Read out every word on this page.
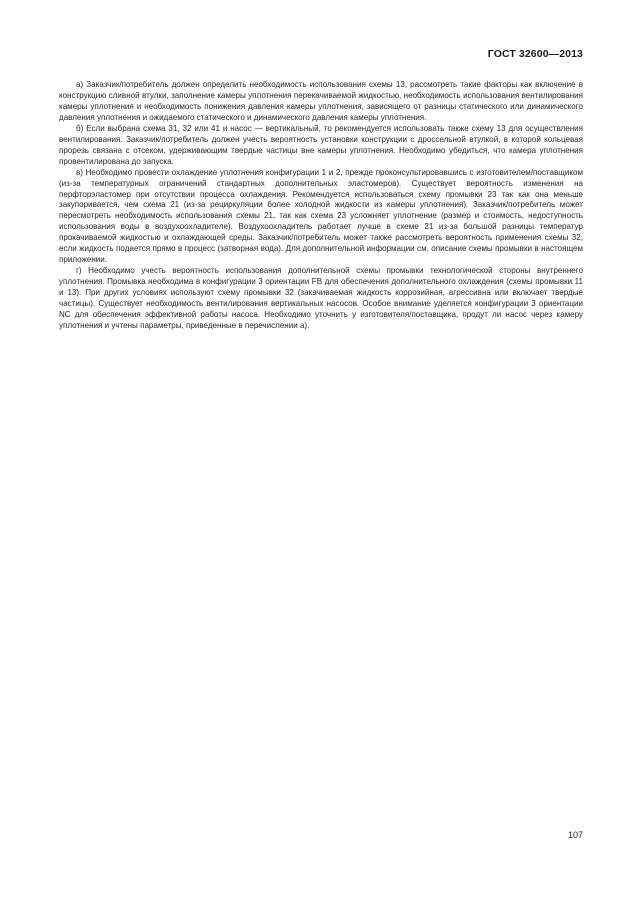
ГОСТ 32600—2013

а) Заказчик/потребитель должен определить необходимость использования схемы 13, рассмотреть такие факторы как включение в конструкцию сливной втулки, заполнение камеры уплотнения перекачиваемой жидкостью, необходимость использования вентилирования камеры уплотнения и необходимость понижения давления камеры уплотнения, зависящего от разницы статического или динамического давления уплотнения и ожидаемого статического и динамического давления камеры уплотнения.

б) Если выбрана схема 31, 32 или 41 и насос — вертикальный, то рекомендуется использовать также схему 13 для осуществления вентилирования. Заказчик/потребитель должен учесть вероятность установки конструкции с дроссельной втулкой, в которой кольцевая прорезь связана с отсеком, удерживающим твердые частицы вне камеры уплотнения. Необходимо убедиться, что камера уплотнения провентилирована до запуска.

в) Необходимо провести охлаждение уплотнения конфигурации 1 и 2, прежде проконсультировавшись с изготовителем/поставщиком (из-за температурных ограничений стандартных дополнительных эластомеров). Существует вероятность изменения на перфторэластомер при отсутствии процесса охлаждения. Рекомендуется использоваться схему промывки 23 так как она меньше закупоривается, чем схема 21 (из-за рециркуляции более холодной жидкости из камеры уплотнения). Заказчик/потребитель может пересмотреть необходимость использования схемы 21, так как схема 23 усложняет уплотнение (размер и стоимость, недоступность использования воды в воздухоохладителе). Воздухоохладитель работает лучше в схеме 21 из-за большой разницы температур прокачиваемой жидкостью и охлаждающей среды. Заказчик/потребитель может также рассмотреть вероятность применения схемы 32, если жидкость подается прямо в процесс (затворная вода). Для дополнительной информации см. описание схемы промывки в настоящем приложении.

г) Необходимо учесть вероятность использования дополнительной схемы промывки технологической стороны внутреннего уплотнения. Промывка необходима в конфигурации 3 ориентации FB для обеспечения дополнительного охлаждения (схемы промывки 11 и 13). При других условиях используют схему промывки 32 (закачиваемая жидкость коррозийная, агрессивна или включает твердые частицы). Существует необходимость вентилирования вертикальных насосов. Особое внимание уделяется конфигурации 3 ориентации NC для обеспечения эффективной работы насоса. Необходимо уточнить у изготовителя/поставщика, продут ли насос через камеру уплотнения и учтены параметры, приведенные в перечислении а).

107
